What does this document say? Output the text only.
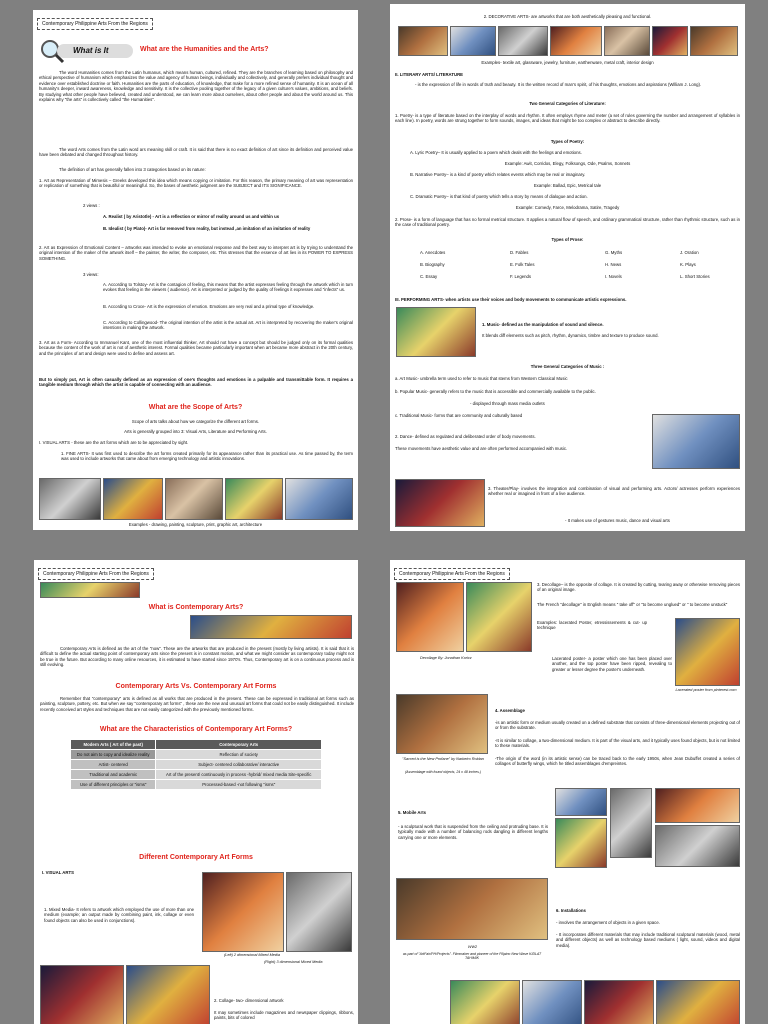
Contemporary Philippine Arts From the Regions
What is It	What are the Humanities and the Arts?
The word Humanities comes from the Latin humanus, which means human, cultured, refined. They are the branches of learning based on philosophy and ethical perspective of humanism which emphasizes the value and agency of human beings, individually and collectively, and generally prefers individual thought and evidence over established doctrine or faith. Humanities are the parts of education, of knowledge, that make for a more refined sense of humanity. It is an ocean of all humanity's deeper, inward awareness, knowledge and sensitivity. It is the collective pooling together of the legacy of a given culture's values, ambitions, and beliefs. By studying what other people have believed, created and understood, we can learn more about ourselves, about other people and about the world around us. This explains why "the arts" is collectively called "the Humanities".
The word Arts comes from the Latin word ars meaning skill or craft. It is said that there is no exact definition of art since its definition and perceived value have been debated and changed throughout history.
The definition of art has generally fallen into 3 categories based on its nature:
1. Art as Representation of Mimesis – Greeks developed this idea which means copying or imitation. For this reason, the primary meaning of art was representation or replication of something that is beautiful or meaningful. So, the bases of aesthetic judgment are the SUBJECT and ITS SIGNIFICANCE.
2 views :
A. Realist ( by Aristotle) - Art is a reflection or mirror of reality around us and within us
B. Idealist ( by Plato)- Art is far removed from reality, but instead ,an imitation of an imitation of reality
2. Art as Expression of Emotional Content – artworks was intended to evoke an emotional response and the best way to interpret art is by trying to understand the original intention of the maker of the artwork itself – the painter, the writer, the composer, etc. This stresses that the essence of art lies in its POWER TO EXPRESS SOMETHING.
3 views:
A. According to Tolstoy- Art is the contagion of feeling, this means that the artist expresses feeling through the artwork which in turn evokes that feeling in the viewers ( audience). Art is interpreted or judged by the quality of feelings it expresses and "infects" us.
B. According to Croce- Art is the expression of emotion. Emotions are very real and a primal type of knowledge.
C. According to Collingwood- The original intention of the artist is the actual art. Art is interpreted by recovering the maker's original intentions in making the artwork.
3. Art as a Form- According to Immanuel Kant, one of the most influential thinker, Art should not have a concept but should be judged only on its formal qualities because the content of the work of art is not of aesthetic interest. Formal qualities became particularly important when art became more abstract in the 20th century, and the principles of art and design were used to define and assess art.
But to simply put, Art is often casually defined as an expression of one's thoughts and emotions in a palpable and transmittable form. It requires a tangible medium through which the artist is capable of connecting with an audience.
What are the Scope of Arts?
Scope of arts talks about how we categorize the different art forms.
Arts is generally grouped into 3: Visual Arts, Literature and Performing Arts.
I. VISUAL ARTS - these are the art forms which are to be appreciated by sight.
1. FINE ARTS- It was first used to describe the art forms created primarily for its appearance rather than its practical use. As time passed by, the term was used to include artworks that came about from emerging technology and artistic innovations.
Examples - drawing, painting, sculpture, print, graphic art, architecture
2. DECORATIVE ARTS- are artworks that are both aesthetically pleasing and functional.
Examples- textile art, glassware, jewelry, furniture, earthenware, metal craft, interior design
II. LITERARY ARTS/ LITERATURE
- is the expression of life in words of truth and beauty. It is the written record of man's spirit, of his thoughts, emotions and aspirations (William J. Long).
Two General Categories of Literature:
1. Poetry- is a type of literature based on the interplay of words and rhythm. It often employs rhyme and meter (a set of rules governing the number and arrangement of syllables in each line). In poetry, words are strung together to form sounds, images, and ideas that might be too complex or abstract to describe directly.
Types of Poetry:
A. Lyric Poetry– It is usually applied to a poem which deals with the feelings and emotions.
Example: Awit, Corridos, Elegy, Folksongs, Ode, Psalms, Sonnets
B. Narrative Poetry– is a kind of poetry which relates events which may be real or imaginary.
Example: Ballad, Epic, Metrical tale
C. Dramatic Poetry– is that kind of poetry which tells a story by means of dialogue and action.
Example: Comedy, Farce, Melodrama, Satire, Tragedy
2. Prose- is a form of language that has no formal metrical structure. It applies a natural flow of speech, and ordinary grammatical structure, rather than rhythmic structure, such as in the case of traditional poetry.
Types of Prose:
A. Anecdotes	D. Fables	G. Myths	J. Oration
B. Biography	E. Folk Tales	H. News	K. Plays
C. Essay	F. Legends	I. Novels	L. Short Stories
III. PERFORMING ARTS- when artists use their voices and body movements to communicate artistic expressions.
1. Music- defined as the manipulation of sound and silence.
It blends diff elements such as pitch, rhythm, dynamics, timbre and texture to produce sound.
Three General Categories of Music :
a. Art Music- umbrella term used to refer to music that stems from Western Classical Music
b. Popular Music- generally refers to the music that is accessible and commercially available to the public.
- displayed through mass media outlets
c. Traditional Music- forms that are community and culturally based
2. Dance- defined as regulated and deliberated order of body movements.
These movements have aesthetic value and are often performed accompanied with music.
3. Theater/Play- involves the integration and combination of visual and performing arts. Actors/ actresses perform experiences whether real or imagined in front of a live audience.
- It makes use of gestures music, dance and visual arts
Contemporary Philippine Arts From the Regions
What is Contemporary Arts?
Contemporary Arts is defined as the art of the "now". These are the artworks that are produced in the present (mostly by living artists). It is said that it is difficult to define the actual starting point of contemporary arts since the present is in constant motion, and what we might consider as contemporary today might not be true in the future. But according to many online resources, it is estimated to have started since 1970's. Thus, Contemporary art is on a continuous process and is still evolving.
Contemporary Arts Vs. Contemporary Art Forms
Remember that "contemporary" arts is defined as all works that are produced in the present. These can be expressed in traditional art forms such as painting, sculpture, pottery, etc. But when we say "contemporary art forms" , these are the new and unusual art forms that could not be easily distinguished. It include recently conceived art styles and techniques that are not easily categorized with the previously mentioned forms.
What are the Characteristics of Contemporary Art Forms?
Modern Arts ( Art of the past)	Contemporary Arts
Do not aim to copy and idealize reality	Reflection of society
Artist- centered	Subject- centered collaborative/ interactive
Traditional and academic	Art of the present/ continuously in process -hybrid/ mixed media Site-specific
Use of different principles or "isms"	Processed-based -not following "isms"
Different Contemporary Art Forms
I. VISUAL ARTS
1. Mixed Media- It refers to artwork which employed the use of more than one medium (example; an output made by combining paint, ink, collage or even found objects can also be used in conjunctions).
(Left) 2 dimensional Mixed Media
(Right) 3 dimensional Mixed Media
2. Collage- two- dimensional artwork
It may sometimes include magazines and newspaper clippings, ribbons, paints, bits of colored
Contemporary Philippine Arts From the Regions
3. Decollage– is the opposite of collage. It is created by cutting, tearing away or otherwise removing pieces of an original image.
The French "decollage" in English means " take off" or "to become unglued" or " to become unstuck"
Examples: lacerated Poster, etressissements & cut- up technique
Decollage By: Jonathan Koricz	Lacerated poster- a poster which one has been placed over another, and the top poster have been ripped, revealing to greater or lesser degree the poster's underneath.
Lacerated poster from pinterest.com
"Sacred is the New Profane" by Narbeiro Roldan
(Assemblage with found objects, 24 x 48 inches.)
4. Assemblage
-is an artistic form or medium usually created on a defined substrate that consists of three-dimensional elements projecting out of or from the substrate.
-It is similar to collage, a two-dimensional medium. It is part of the visual arts, and it typically uses found objects, but is not limited to these materials.
-The origin of the word (in its artistic sense) can be traced back to the early 1950s, when Jean Dubuffet created a series of collages of butterfly wings, which he titled assemblages d'empreintes.
5. Mobile Arts
- a sculptural work that is suspended from the ceiling and protruding base. It is typically made with a number of balancing rods dangling in different lengths carrying one or more elements.
WW2
as part of "ArtFair/PH/Projects". Filmmaker and pioneer of the Filipino New Wave KIDLAT TAHIMIK
6. Installations
- involves the arrangement of objects in a given space.
- It incorporates different materials that may include traditional sculptural materials (wood, metal and different objects) as well as technology based mediums ( light, sound, videos and digital media).
